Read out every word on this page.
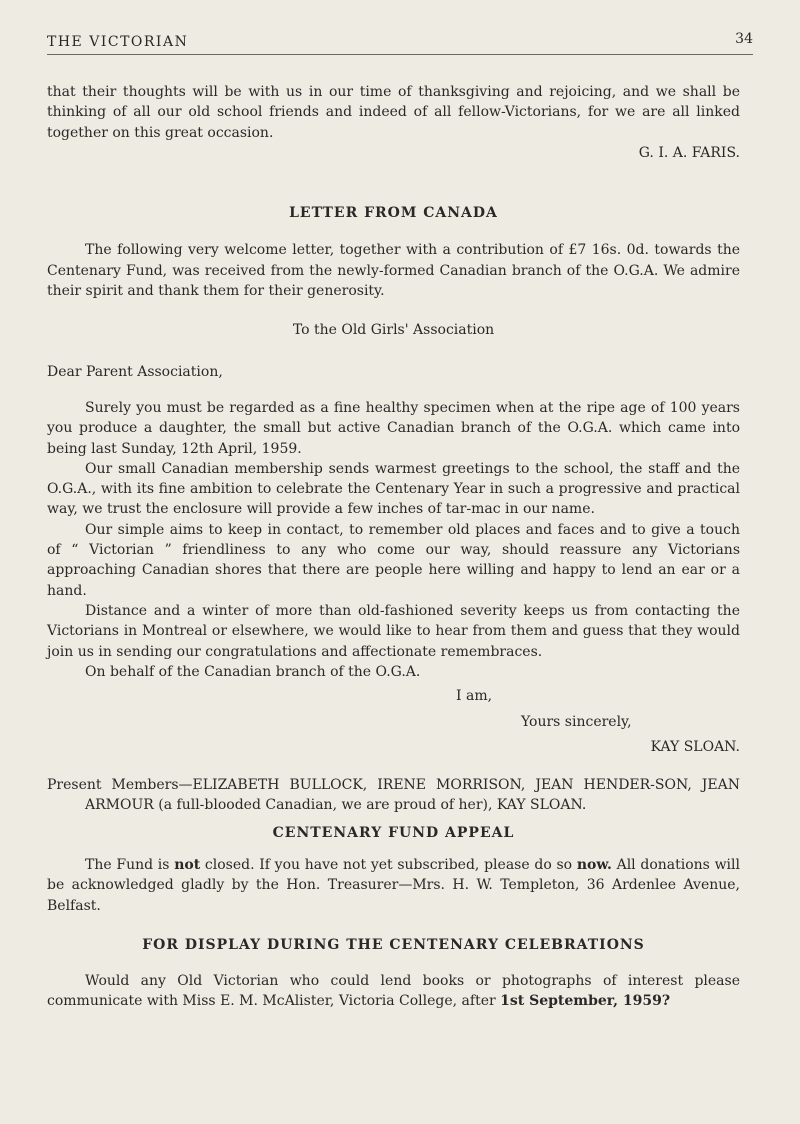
THE VICTORIAN	34

that their thoughts will be with us in our time of thanksgiving and rejoicing, and we shall be thinking of all our old school friends and indeed of all fellow-Victorians, for we are all linked together on this great occasion.

G. I. A. FARIS.

LETTER FROM CANADA

The following very welcome letter, together with a contribution of £7 16s. 0d. towards the Centenary Fund, was received from the newly-formed Canadian branch of the O.G.A. We admire their spirit and thank them for their generosity.

To the Old Girls' Association

Dear Parent Association,

Surely you must be regarded as a fine healthy specimen when at the ripe age of 100 years you produce a daughter, the small but active Canadian branch of the O.G.A. which came into being last Sunday, 12th April, 1959.

Our small Canadian membership sends warmest greetings to the school, the staff and the O.G.A., with its fine ambition to celebrate the Centenary Year in such a progressive and practical way, we trust the enclosure will provide a few inches of tar-mac in our name.

Our simple aims to keep in contact, to remember old places and faces and to give a touch of “ Victorian ” friendliness to any who come our way, should reassure any Victorians approaching Canadian shores that there are people here willing and happy to lend an ear or a hand.

Distance and a winter of more than old-fashioned severity keeps us from contacting the Victorians in Montreal or elsewhere, we would like to hear from them and guess that they would join us in sending our congratulations and affectionate remembraces.

On behalf of the Canadian branch of the O.G.A.

I am,

Yours sincerely,

KAY SLOAN.

Present Members—ELIZABETH BULLOCK, IRENE MORRISON, JEAN HENDER-SON, JEAN ARMOUR (a full-blooded Canadian, we are proud of her), KAY SLOAN.

CENTENARY FUND APPEAL

The Fund is not closed. If you have not yet subscribed, please do so now. All donations will be acknowledged gladly by the Hon. Treasurer—Mrs. H. W. Templeton, 36 Ardenlee Avenue, Belfast.

FOR DISPLAY DURING THE CENTENARY CELEBRATIONS

Would any Old Victorian who could lend books or photographs of interest please communicate with Miss E. M. McAlister, Victoria College, after 1st September, 1959?
